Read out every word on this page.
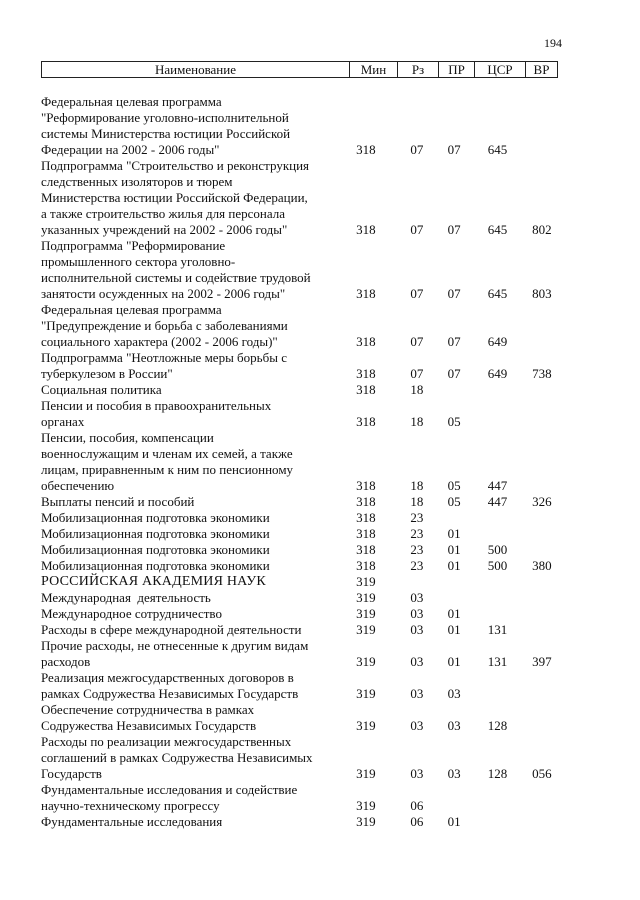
194
Наименование	Мин	Рз	ПР	ЦСР	ВР
Федеральная целевая программа
"Реформирование уголовно-исполнительной
системы Министерства юстиции Российской
Федерации на 2002 - 2006 годы"	318	07	07	645
Подпрограмма "Строительство и реконструкция
следственных изоляторов и тюрем
Министерства юстиции Российской Федерации,
а также строительство жилья для персонала
указанных учреждений на 2002 - 2006 годы"	318	07	07	645	802
Подпрограмма "Реформирование
промышленного сектора уголовно-
исполнительной системы и содействие трудовой
занятости осужденных на 2002 - 2006 годы"	318	07	07	645	803
Федеральная целевая программа
"Предупреждение и борьба с заболеваниями
социального характера (2002 - 2006 годы)"	318	07	07	649
Подпрограмма "Неотложные меры борьбы с
туберкулезом в России"	318	07	07	649	738
Социальная политика	318	18
Пенсии и пособия в правоохранительных
органах	318	18	05
Пенсии, пособия, компенсации
военнослужащим и членам их семей, а также
лицам, приравненным к ним по пенсионному
обеспечению	318	18	05	447
Выплаты пенсий и пособий	318	18	05	447	326
Мобилизационная подготовка экономики	318	23
Мобилизационная подготовка экономики	318	23	01
Мобилизационная подготовка экономики	318	23	01	500
Мобилизационная подготовка экономики	318	23	01	500	380
РОССИЙСКАЯ АКАДЕМИЯ НАУК	319
Международная  деятельность	319	03
Международное сотрудничество	319	03	01
Расходы в сфере международной деятельности	319	03	01	131
Прочие расходы, не отнесенные к другим видам
расходов	319	03	01	131	397
Реализация межгосударственных договоров в
рамках Содружества Независимых Государств	319	03	03
Обеспечение сотрудничества в рамках
Содружества Независимых Государств	319	03	03	128
Расходы по реализации межгосударственных
соглашений в рамках Содружества Независимых
Государств	319	03	03	128	056
Фундаментальные исследования и содействие
научно-техническому прогрессу	319	06
Фундаментальные исследования	319	06	01
